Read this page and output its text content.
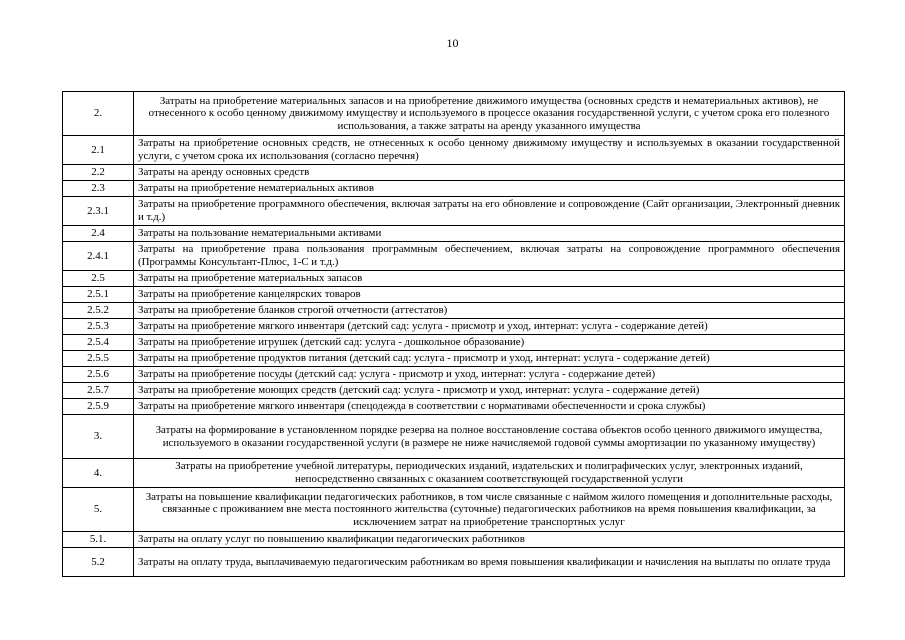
10
2.	Затраты на приобретение материальных запасов и на приобретение движимого имущества (основных средств и нематериальных активов), не отнесенного к особо ценному движимому имуществу и используемого в процессе оказания государственной услуги, с учетом срока его полезного использования, а также затраты на аренду указанного имущества
2.1	Затраты на приобретение основных средств, не отнесенных к особо ценному движимому имуществу и используемых в оказании государственной услуги, с учетом срока их использования (согласно перечня)
2.2	Затраты на аренду основных средств
2.3	Затраты на приобретение нематериальных активов
2.3.1	Затраты на приобретение программного обеспечения, включая затраты на его обновление и сопровождение (Сайт организации, Электронный дневник и т.д.)
2.4	Затраты на пользование нематериальными активами
2.4.1	Затраты на приобретение права пользования программным обеспечением, включая затраты на сопровождение программного обеспечения (Программы Консультант-Плюс, 1-С и т.д.)
2.5	Затраты на приобретение материальных запасов
2.5.1	Затраты на приобретение канцелярских товаров
2.5.2	Затраты на приобретение бланков строгой отчетности (аттестатов)
2.5.3	Затраты на приобретение мягкого инвентаря (детский сад: услуга - присмотр и уход, интернат: услуга - содержание детей)
2.5.4	Затраты на приобретение игрушек (детский сад: услуга - дошкольное образование)
2.5.5	Затраты на приобретение продуктов питания (детский сад: услуга - присмотр и уход, интернат: услуга - содержание детей)
2.5.6	Затраты на приобретение посуды (детский сад: услуга - присмотр и уход, интернат: услуга - содержание детей)
2.5.7	Затраты на приобретение моющих средств (детский сад: услуга - присмотр и уход, интернат: услуга - содержание детей)
2.5.9	Затраты на приобретение мягкого инвентаря (спецодежда в соответствии с нормативами обеспеченности и срока службы)
3.	Затраты на формирование в установленном порядке резерва на полное восстановление состава объектов особо ценного движимого имущества, используемого в оказании государственной услуги (в размере не ниже начисляемой годовой суммы амортизации по указанному имуществу)
4.	Затраты на приобретение учебной литературы, периодических изданий, издательских и полиграфических услуг, электронных изданий, непосредственно связанных с оказанием соответствующей государственной услуги
5.	Затраты на повышение квалификации педагогических работников, в том числе связанные с наймом жилого помещения и дополнительные расходы, связанные с проживанием вне места постоянного жительства (суточные) педагогических работников на время повышения квалификации, за исключением затрат на приобретение транспортных услуг
5.1.	Затраты на оплату услуг по повышению квалификации педагогических работников
5.2	Затраты на оплату труда, выплачиваемую педагогическим работникам во время повышения квалификации и начисления на выплаты по оплате труда
